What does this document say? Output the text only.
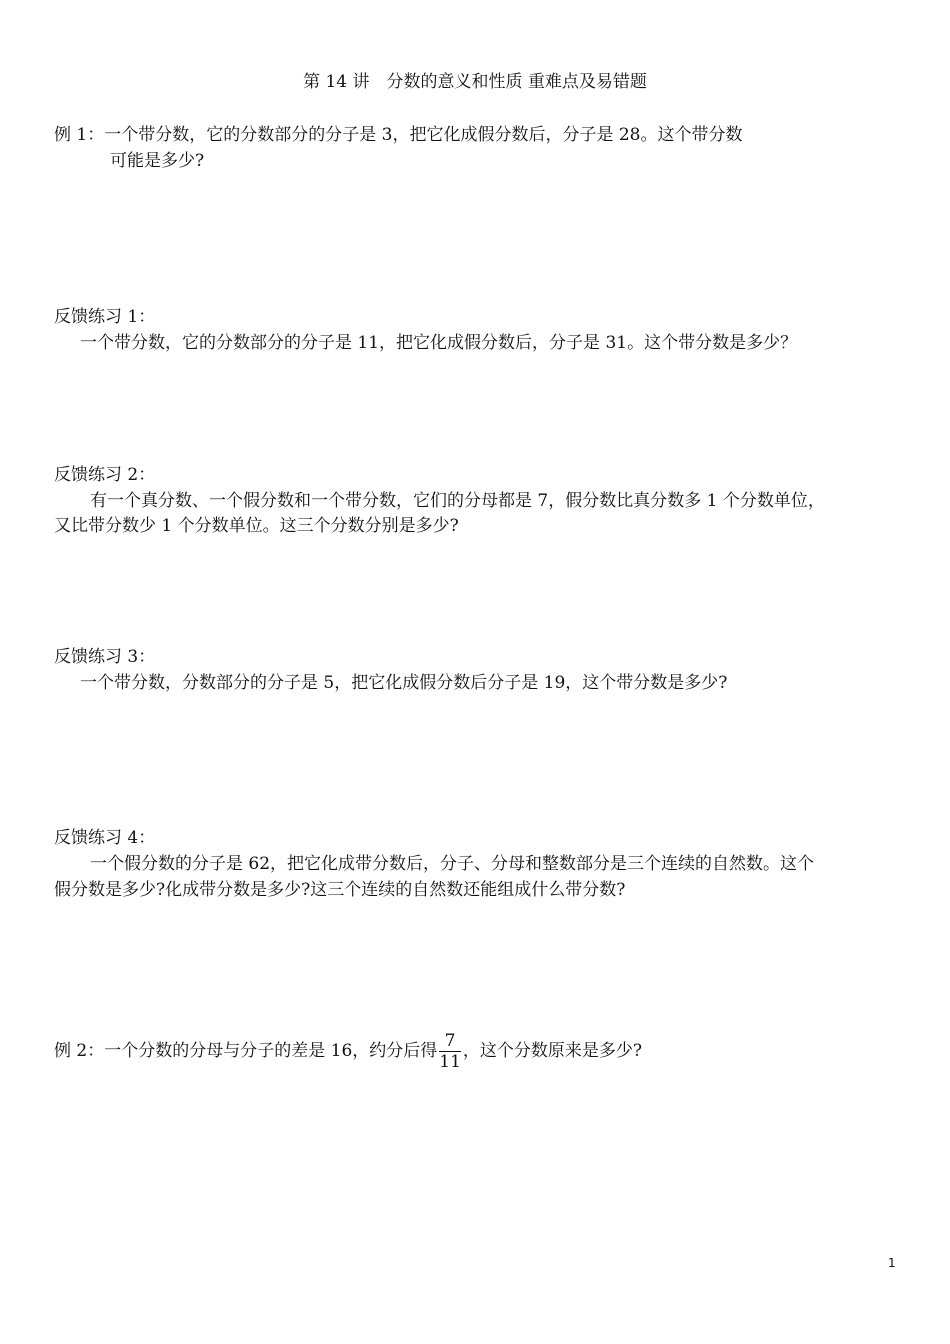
第 14 讲　分数的意义和性质 重难点及易错题
例 1：一个带分数，它的分数部分的分子是 3，把它化成假分数后，分子是 28。这个带分数
可能是多少?
反馈练习 1：
一个带分数，它的分数部分的分子是 11，把它化成假分数后，分子是 31。这个带分数是多少？
反馈练习 2：
有一个真分数、一个假分数和一个带分数，它们的分母都是 7，假分数比真分数多 1 个分数单位，
又比带分数少 1 个分数单位。这三个分数分别是多少?
反馈练习 3：
一个带分数，分数部分的分子是 5，把它化成假分数后分子是 19，这个带分数是多少?
反馈练习 4：
一个假分数的分子是 62，把它化成带分数后，分子、分母和整数部分是三个连续的自然数。这个
假分数是多少?化成带分数是多少?这三个连续的自然数还能组成什么带分数?
例 2：一个分数的分母与分子的差是 16，约分后得 $\frac{7}{11}$ ，这个分数原来是多少?
1
